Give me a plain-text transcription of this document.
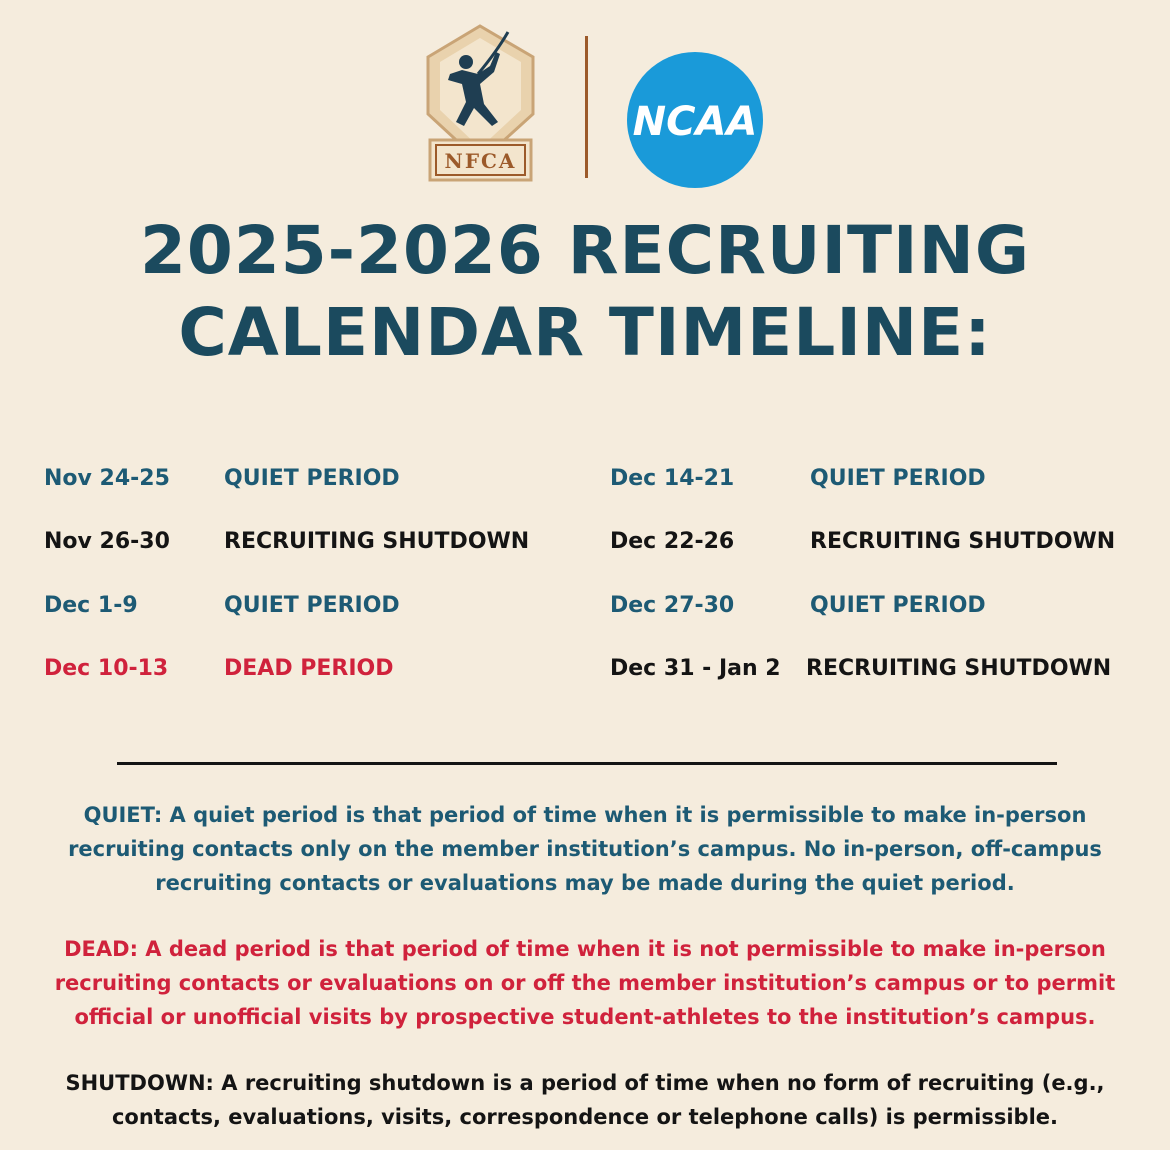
NFCA
NCAA
2025-2026 RECRUITING
CALENDAR TIMELINE:
Nov 24-25 QUIET PERIOD
Nov 26-30 RECRUITING SHUTDOWN
Dec 1-9	QUIET PERIOD
Dec 10-13	DEAD PERIOD
Dec 14-21	QUIET PERIOD
Dec 22-26	RECRUITING SHUTDOWN
Dec 27-30	QUIET PERIOD
Dec 31 - Jan 2 RECRUITING SHUTDOWN
QUIET: A quiet period is that period of time when it is permissible to make in-person
recruiting contacts only on the member institution’s campus. No in-person, off-campus
recruiting contacts or evaluations may be made during the quiet period.
DEAD: A dead period is that period of time when it is not permissible to make in-person
recruiting contacts or evaluations on or off the member institution’s campus or to permit
official or unofficial visits by prospective student-athletes to the institution’s campus.
SHUTDOWN: A recruiting shutdown is a period of time when no form of recruiting (e.g.,
contacts, evaluations, visits, correspondence or telephone calls) is permissible.
